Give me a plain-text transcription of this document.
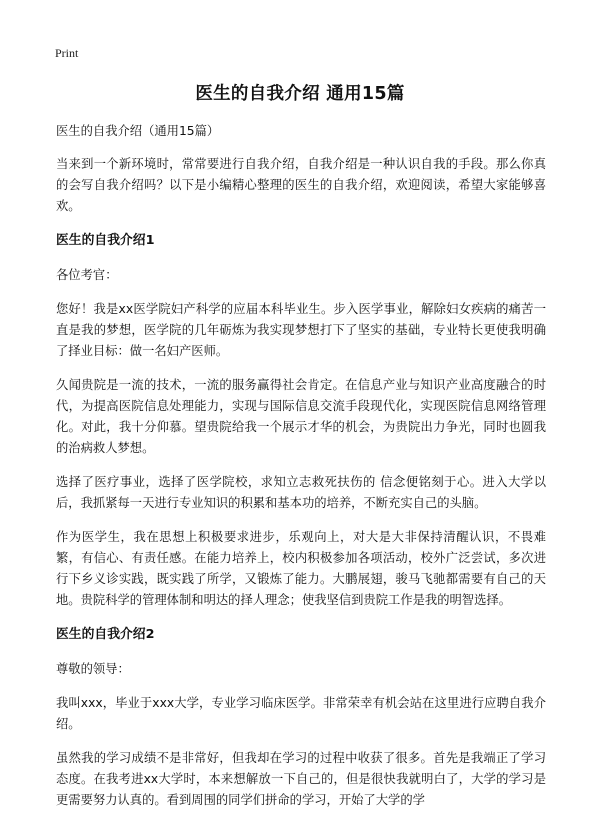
Print
医生的自我介绍 通用15篇

医生的自我介绍（通用15篇）

当来到一个新环境时，常常要进行自我介绍，自我介绍是一种认识自我的手段。那么你真的会写自我介绍吗？以下是小编精心整理的医生的自我介绍，欢迎阅读，希望大家能够喜欢。

医生的自我介绍1

各位考官：

您好！我是xx医学院妇产科学的应届本科毕业生。步入医学事业，解除妇女疾病的痛苦一直是我的梦想，医学院的几年砺炼为我实现梦想打下了坚实的基础，专业特长更使我明确了择业目标：做一名妇产医师。

久闻贵院是一流的技术，一流的服务赢得社会肯定。在信息产业与知识产业高度融合的时代，为提高医院信息处理能力，实现与国际信息交流手段现代化，实现医院信息网络管理化。对此，我十分仰慕。望贵院给我一个展示才华的机会，为贵院出力争光，同时也圆我的治病救人梦想。

选择了医疗事业，选择了医学院校，求知立志救死扶伤的 信念便铭刻于心。进入大学以后，我抓紧每一天进行专业知识的积累和基本功的培养，不断充实自己的头脑。

作为医学生，我在思想上积极要求进步，乐观向上，对大是大非保持清醒认识，不畏难繁，有信心、有责任感。在能力培养上，校内积极参加各项活动，校外广泛尝试，多次进行下乡义诊实践，既实践了所学，又锻炼了能力。大鹏展翅，骏马飞驰都需要有自己的天地。贵院科学的管理体制和明达的择人理念；使我坚信到贵院工作是我的明智选择。

医生的自我介绍2

尊敬的领导：

我叫xxx，毕业于xxx大学，专业学习临床医学。非常荣幸有机会站在这里进行应聘自我介绍。

虽然我的学习成绩不是非常好，但我却在学习的过程中收获了很多。首先是我端正了学习态度。在我考进xx大学时，本来想解放一下自己的，但是很快我就明白了，大学的学习是更需要努力认真的。看到周围的同学们拼命的学习，开始了大学的学
